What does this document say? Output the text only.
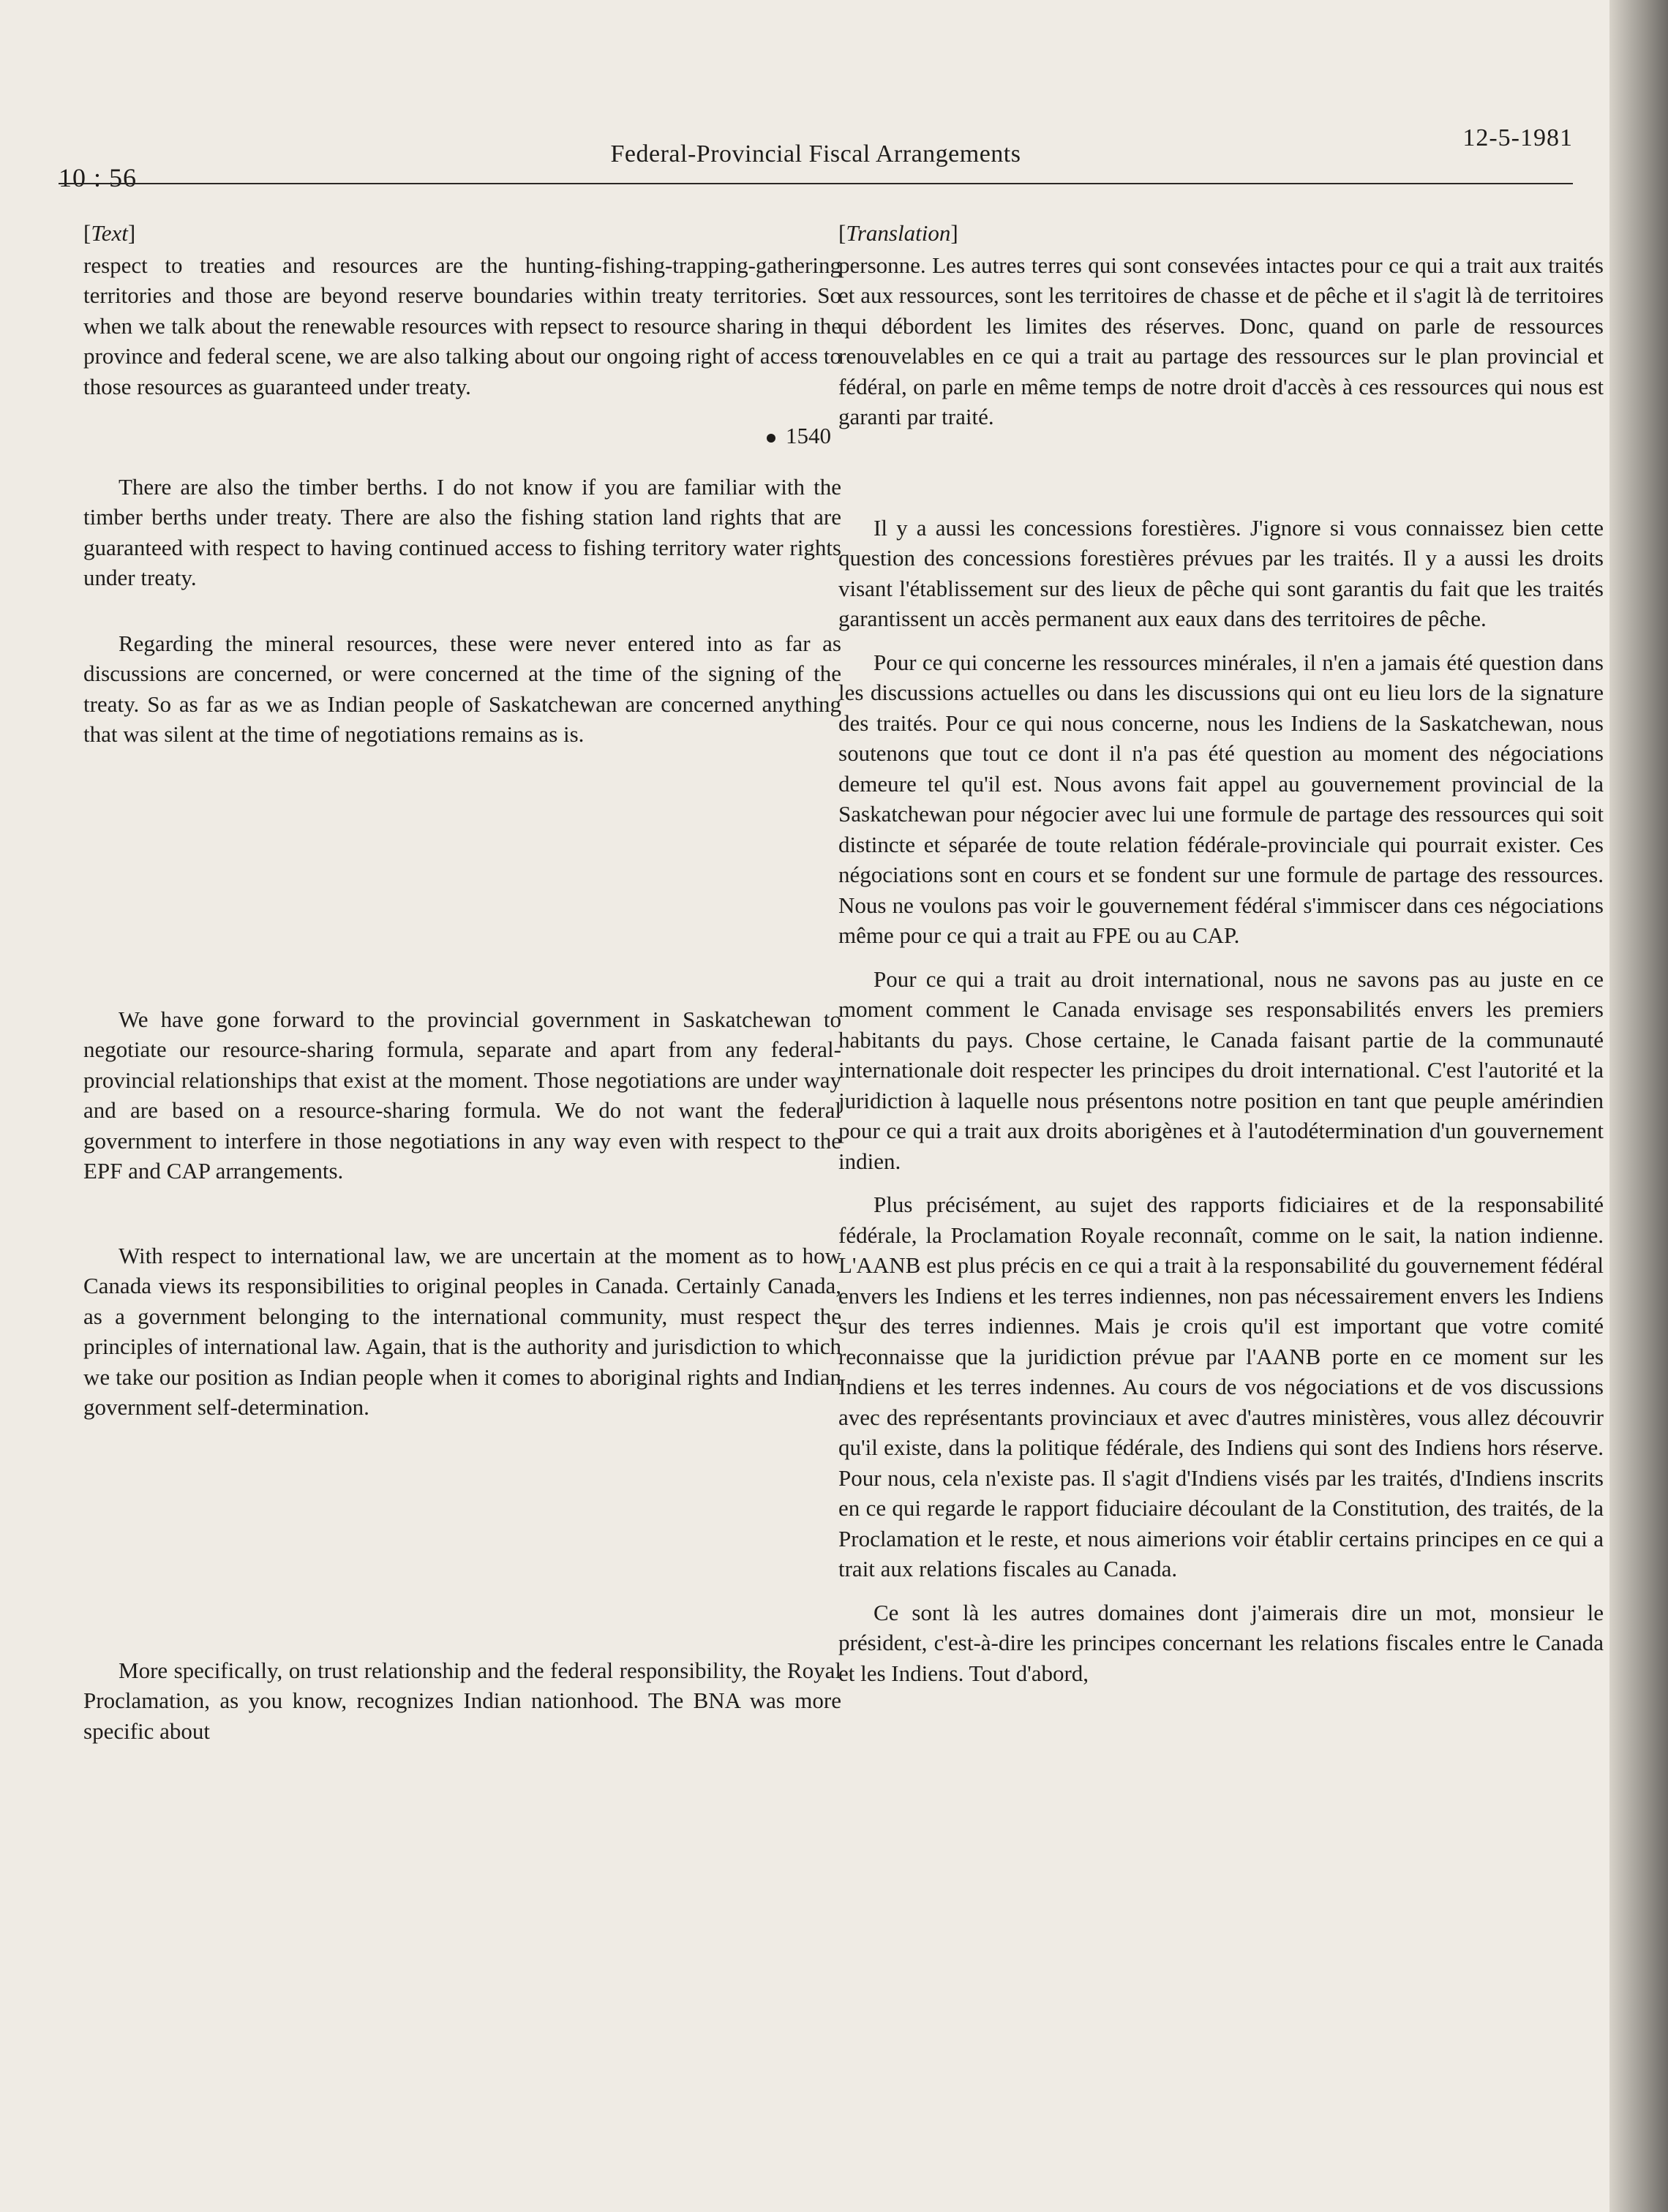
10 : 56
Federal-Provincial Fiscal Arrangements
12-5-1981

[Text]

respect to treaties and resources are the hunting-fishing-trapping-gathering territories and those are beyond reserve boundaries within treaty territories. So when we talk about the renewable resources with repsect to resource sharing in the province and federal scene, we are also talking about our ongoing right of access to those resources as guaranteed under treaty.

1540

There are also the timber berths. I do not know if you are familiar with the timber berths under treaty. There are also the fishing station land rights that are guaranteed with respect to having continued access to fishing territory water rights under treaty.

Regarding the mineral resources, these were never entered into as far as discussions are concerned, or were concerned at the time of the signing of the treaty. So as far as we as Indian people of Saskatchewan are concerned anything that was silent at the time of negotiations remains as is.

We have gone forward to the provincial government in Saskatchewan to negotiate our resource-sharing formula, separate and apart from any federal-provincial relationships that exist at the moment. Those negotiations are under way and are based on a resource-sharing formula. We do not want the federal government to interfere in those negotiations in any way even with respect to the EPF and CAP arrangements.

With respect to international law, we are uncertain at the moment as to how Canada views its responsibilities to original peoples in Canada. Certainly Canada, as a government belonging to the international community, must respect the principles of international law. Again, that is the authority and jurisdiction to which we take our position as Indian people when it comes to aboriginal rights and Indian government self-determination.

More specifically, on trust relationship and the federal responsibility, the Royal Proclamation, as you know, recognizes Indian nationhood. The BNA was more specific about

[Translation]

personne. Les autres terres qui sont consevées intactes pour ce qui a trait aux traités et aux ressources, sont les territoires de chasse et de pêche et il s'agit là de territoires qui débordent les limites des réserves. Donc, quand on parle de ressources renouvelables en ce qui a trait au partage des ressources sur le plan provincial et fédéral, on parle en même temps de notre droit d'accès à ces ressources qui nous est garanti par traité.

Il y a aussi les concessions forestières. J'ignore si vous connaissez bien cette question des concessions forestières prévues par les traités. Il y a aussi les droits visant l'établissement sur des lieux de pêche qui sont garantis du fait que les traités garantissent un accès permanent aux eaux dans des territoires de pêche.

Pour ce qui concerne les ressources minérales, il n'en a jamais été question dans les discussions actuelles ou dans les discussions qui ont eu lieu lors de la signature des traités. Pour ce qui nous concerne, nous les Indiens de la Saskatchewan, nous soutenons que tout ce dont il n'a pas été question au moment des négociations demeure tel qu'il est. Nous avons fait appel au gouvernement provincial de la Saskatchewan pour négocier avec lui une formule de partage des ressources qui soit distincte et séparée de toute relation fédérale-provinciale qui pourrait exister. Ces négociations sont en cours et se fondent sur une formule de partage des ressources. Nous ne voulons pas voir le gouvernement fédéral s'immiscer dans ces négociations même pour ce qui a trait au FPE ou au CAP.

Pour ce qui a trait au droit international, nous ne savons pas au juste en ce moment comment le Canada envisage ses responsabilités envers les premiers habitants du pays. Chose certaine, le Canada faisant partie de la communauté internationale doit respecter les principes du droit international. C'est l'autorité et la juridiction à laquelle nous présentons notre position en tant que peuple amérindien pour ce qui a trait aux droits aborigènes et à l'autodétermination d'un gouvernement indien.

Plus précisément, au sujet des rapports fidiciaires et de la responsabilité fédérale, la Proclamation Royale reconnaît, comme on le sait, la nation indienne. L'AANB est plus précis en ce qui a trait à la responsabilité du gouvernement fédéral envers les Indiens et les terres indiennes, non pas nécessairement envers les Indiens sur des terres indiennes. Mais je crois qu'il est important que votre comité reconnaisse que la juridiction prévue par l'AANB porte en ce moment sur les Indiens et les terres indennes. Au cours de vos négociations et de vos discussions avec des représentants provinciaux et avec d'autres ministères, vous allez découvrir qu'il existe, dans la politique fédérale, des Indiens qui sont des Indiens hors réserve. Pour nous, cela n'existe pas. Il s'agit d'Indiens visés par les traités, d'Indiens inscrits en ce qui regarde le rapport fiduciaire découlant de la Constitution, des traités, de la Proclamation et le reste, et nous aimerions voir établir certains principes en ce qui a trait aux relations fiscales au Canada.

Ce sont là les autres domaines dont j'aimerais dire un mot, monsieur le président, c'est-à-dire les principes concernant les relations fiscales entre le Canada et les Indiens. Tout d'abord,
